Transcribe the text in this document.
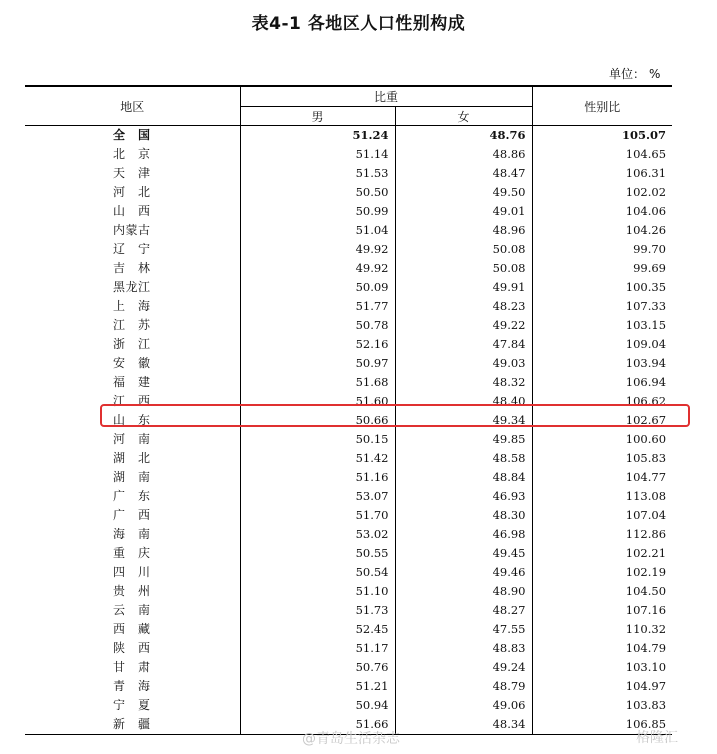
表4-1 各地区人口性别构成
单位： %
地区	比重		性别比
	男	女	
全　国	51.24	48.76	105.07
北　京	51.14	48.86	104.65
天　津	51.53	48.47	106.31
河　北	50.50	49.50	102.02
山　西	50.99	49.01	104.06
内蒙古	51.04	48.96	104.26
辽　宁	49.92	50.08	99.70
吉　林	49.92	50.08	99.69
黑龙江	50.09	49.91	100.35
上　海	51.77	48.23	107.33
江　苏	50.78	49.22	103.15
浙　江	52.16	47.84	109.04
安　徽	50.97	49.03	103.94
福　建	51.68	48.32	106.94
江　西	51.60	48.40	106.62
山　东	50.66	49.34	102.67
河　南	50.15	49.85	100.60
湖　北	51.42	48.58	105.83
湖　南	51.16	48.84	104.77
广　东	53.07	46.93	113.08
广　西	51.70	48.30	107.04
海　南	53.02	46.98	112.86
重　庆	50.55	49.45	102.21
四　川	50.54	49.46	102.19
贵　州	51.10	48.90	104.50
云　南	51.73	48.27	107.16
西　藏	52.45	47.55	110.32
陕　西	51.17	48.83	104.79
甘　肃	50.76	49.24	103.10
青　海	51.21	48.79	104.97
宁　夏	50.94	49.06	103.83
新　疆	51.66	48.34	106.85
@青岛生活杂志	格隆汇
